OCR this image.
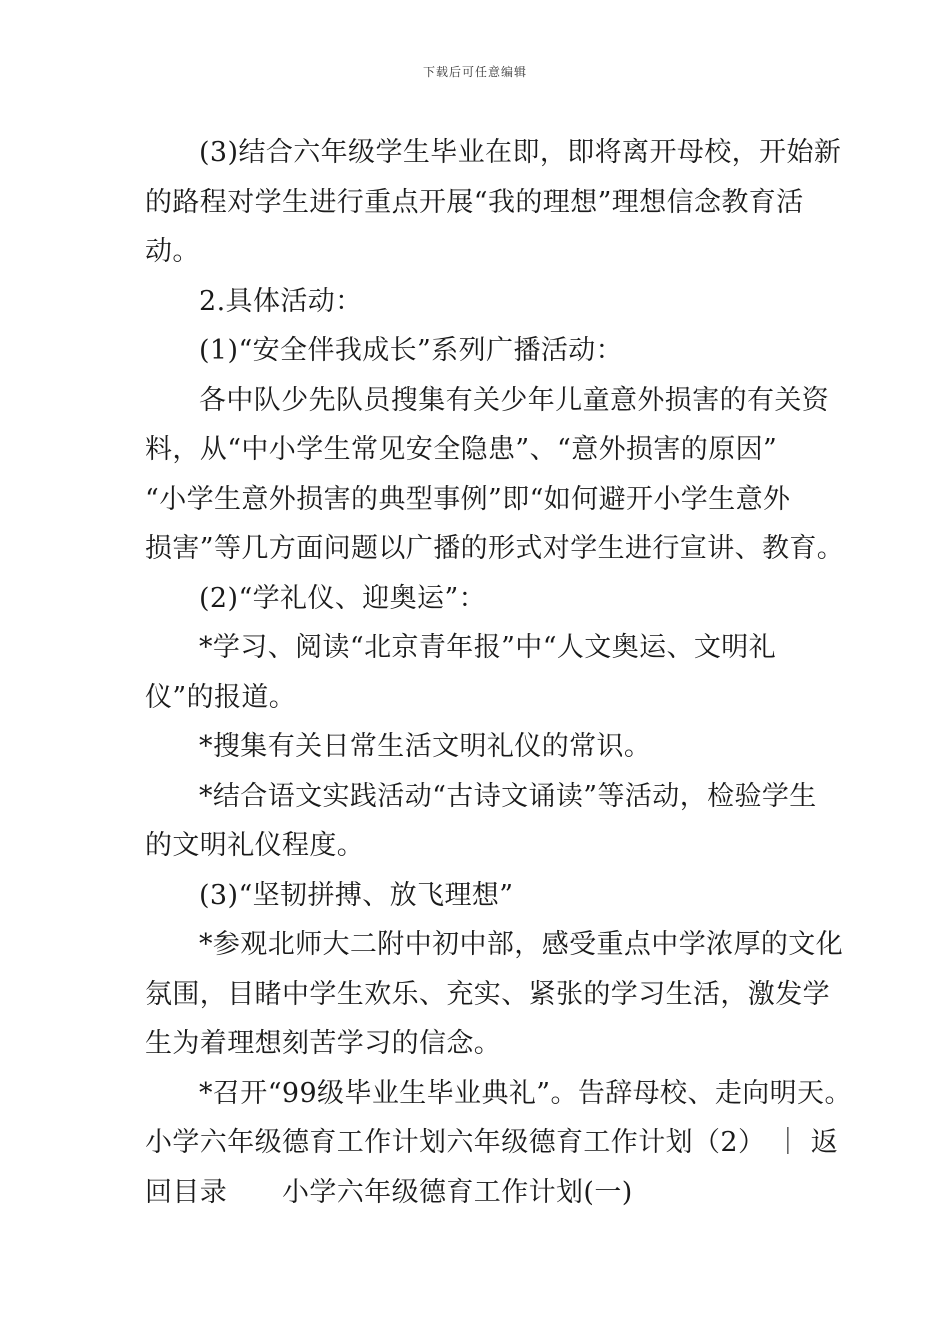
下载后可任意编辑
(3)结合六年级学生毕业在即，即将离开母校，开始新
的路程对学生进行重点开展“我的理想”理想信念教育活
动。
2.具体活动：
(1)“安全伴我成长”系列广播活动：
各中队少先队员搜集有关少年儿童意外损害的有关资
料，从“中小学生常见安全隐患”、“意外损害的原因”
“小学生意外损害的典型事例”即“如何避开小学生意外
损害”等几方面问题以广播的形式对学生进行宣讲、教育。
(2)“学礼仪、迎奥运”：
*学习、阅读“北京青年报”中“人文奥运、文明礼
仪”的报道。
*搜集有关日常生活文明礼仪的常识。
*结合语文实践活动“古诗文诵读”等活动，检验学生
的文明礼仪程度。
(3)“坚韧拼搏、放飞理想”
*参观北师大二附中初中部，感受重点中学浓厚的文化
氛围，目睹中学生欢乐、充实、紧张的学习生活，激发学
生为着理想刻苦学习的信念。
*召开“99级毕业生毕业典礼”。告辞母校、走向明天。
小学六年级德育工作计划六年级德育工作计划（2） ｜ 返
回目录　　小学六年级德育工作计划(一)
